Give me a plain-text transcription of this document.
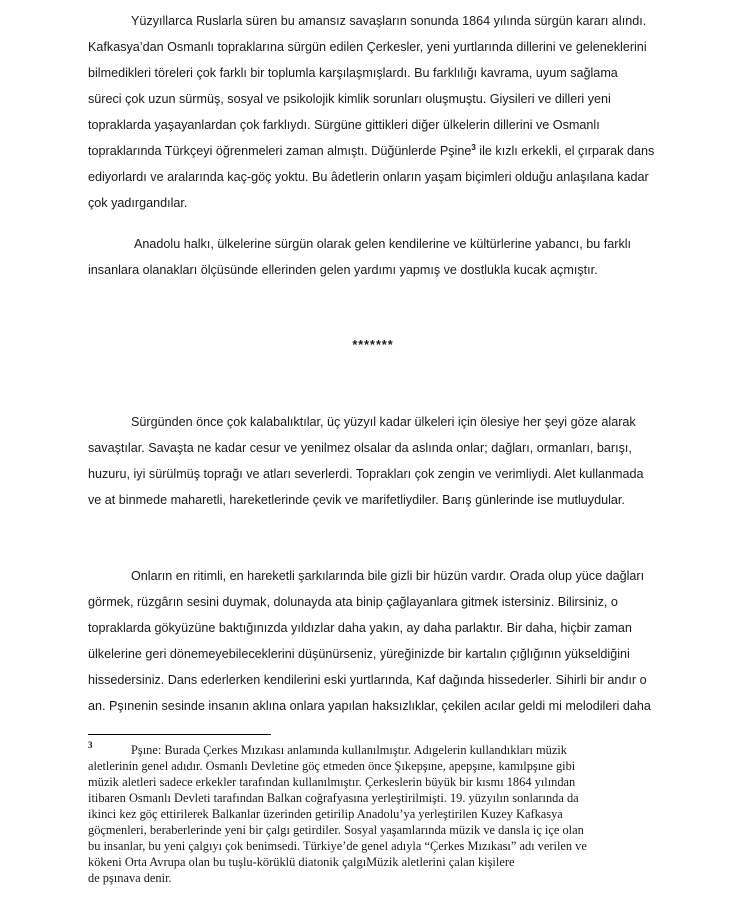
Yüzyıllarca Ruslarla süren bu amansız savaşların sonunda 1864 yılında sürgün kararı alındı.
Kafkasya’dan Osmanlı topraklarına sürgün edilen Çerkesler, yeni yurtlarında dillerini ve geleneklerini
bilmedikleri töreleri çok farklı bir toplumla karşılaşmışlardı. Bu farklılığı kavrama, uyum sağlama
süreci çok uzun sürmüş, sosyal ve psikolojik kimlik sorunları oluşmuştu. Giysileri ve dilleri yeni
topraklarda yaşayanlardan çok farklıydı. Sürgüne gittikleri diğer ülkelerin dillerini ve Osmanlı
topraklarında Türkçeyi öğrenmeleri zaman almıştı. Düğünlerde Pşine$^3$ ile kızlı erkekli, el çırparak dans
ediyorlardı ve aralarında kaç-göç yoktu. Bu âdetlerin onların yaşam biçimleri olduğu anlaşılana kadar
çok yadırgandılar.
Anadolu halkı, ülkelerine sürgün olarak gelen kendilerine ve kültürlerine yabancı, bu farklı
insanlara olanakları ölçüsünde ellerinden gelen yardımı yapmış ve dostlukla kucak açmıştır.
*******
Sürgünden önce çok kalabalıktılar, üç yüzyıl kadar ülkeleri için ölesiye her şeyi göze alarak
savaştılar. Savaşta ne kadar cesur ve yenilmez olsalar da aslında onlar; dağları, ormanları, barışı,
huzuru, iyi sürülmüş toprağı ve atları severlerdi. Toprakları çok zengin ve verimliydi. Alet kullanmada
ve at binmede maharetli, hareketlerinde çevik ve marifetliydiler. Barış günlerinde ise mutluydular.
Onların en ritimli, en hareketli şarkılarında bile gizli bir hüzün vardır. Orada olup yüce dağları
görmek, rüzgârın sesini duymak, dolunayda ata binip çağlayanlara gitmek istersiniz. Bilirsiniz, o
topraklarda gökyüzüne baktığınızda yıldızlar daha yakın, ay daha parlaktır. Bir daha, hiçbir zaman
ülkelerine geri dönemeyebileceklerini düşünürseniz, yüreğinizde bir kartalın çığlığının yükseldiğini
hissedersiniz. Dans ederlerken kendilerini eski yurtlarında, Kaf dağında hissederler. Sihirli bir andır o
an. Pşınenin sesinde insanın aklına onlara yapılan haksızlıklar, çekilen acılar geldi mi melodileri daha
3	Pşıne: Burada Çerkes Mızıkası anlamında kullanılmıştır. Adıgelerin kullandıkları müzik
aletlerinin genel adıdır. Osmanlı Devletine göç etmeden önce Şıkepşıne, apepşıne, kamılpşıne gibi
müzik aletleri sadece erkekler tarafından kullanılmıştır. Çerkeslerin büyük bir kısmı 1864 yılından
itibaren Osmanlı Devleti tarafından Balkan coğrafyasına yerleştirilmişti. 19. yüzyılın sonlarında da
ikinci kez göç ettirilerek Balkanlar üzerinden getirilip Anadolu’ya yerleştirilen Kuzey Kafkasya
göçmenleri, beraberlerinde yeni bir çalgı getirdiler. Sosyal yaşamlarında müzik ve dansla iç içe olan
bu insanlar, bu yeni çalgıyı çok benimsedi. Türkiye’de genel adıyla “Çerkes Mızıkası” adı verilen ve
kökeni Orta Avrupa olan bu tuşlu-körüklü diatonik çalgıMüzik aletlerini çalan kişilere
de pşınava denir.
